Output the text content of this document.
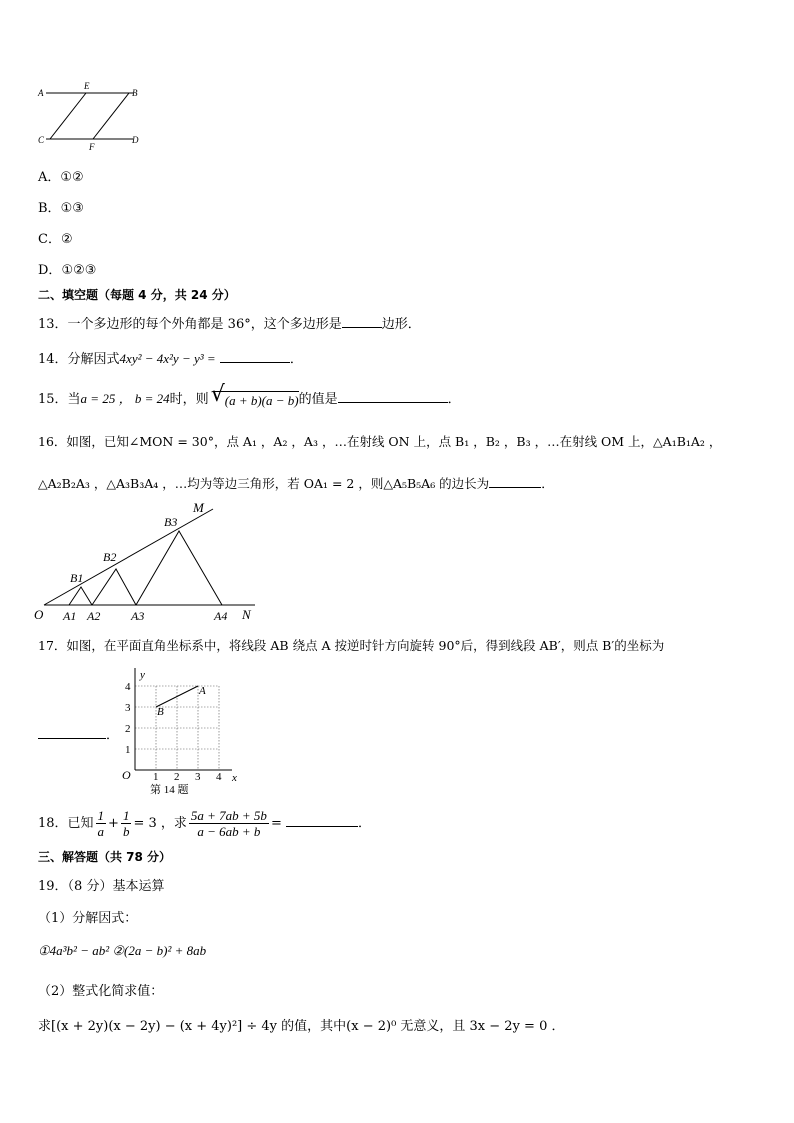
A
E
B
C
F
D
A．①②
B．①③
C．②
D．①②③
二、填空题（每题 4 分，共 24 分）
13．一个多边形的每个外角都是 36°，这个多边形是	边形．
14．分解因式4xy² − 4x²y − y³ =	．
15．当a = 25 ， b = 24时，则 √ (a + b)(a − b)的值是	．
16．如图，已知∠MON = 30°，点 A₁ ，A₂ ，A₃ ，…在射线 ON 上，点 B₁ ，B₂ ，B₃ ，…在射线 OM 上，△A₁B₁A₂ ，
△A₂B₂A₃ ，△A₃B₃A₄ ，…均为等边三角形，若 OA₁ = 2 ，则△A₅B₅A₆ 的边长为	．
O A1 A2	A3	A4 N
B1
B2
B3
M
17．如图，在平面直角坐标系中，将线段 AB 绕点 A 按逆时针方向旋转 90°后，得到线段 AB′，则点 B′的坐标为
．
y
x
O 1 2 3 4
1
2
3
4	A
B
第 14 题
18．已知 $\frac{1}{a} + \frac{1}{b} = 3$ ，求 $\frac{5a + 7ab + 5b}{a - 6ab + b}$ =	．
三、解答题（共 78 分）
19．（8 分）基本运算
（1）分解因式：
①4a³b² − ab² ②(2a − b)² + 8ab
（2）整式化简求值：
求[(x + 2y)(x − 2y) − (x + 4y)²] ÷ 4y 的值，其中(x − 2)⁰ 无意义，且 3x − 2y = 0 ．
